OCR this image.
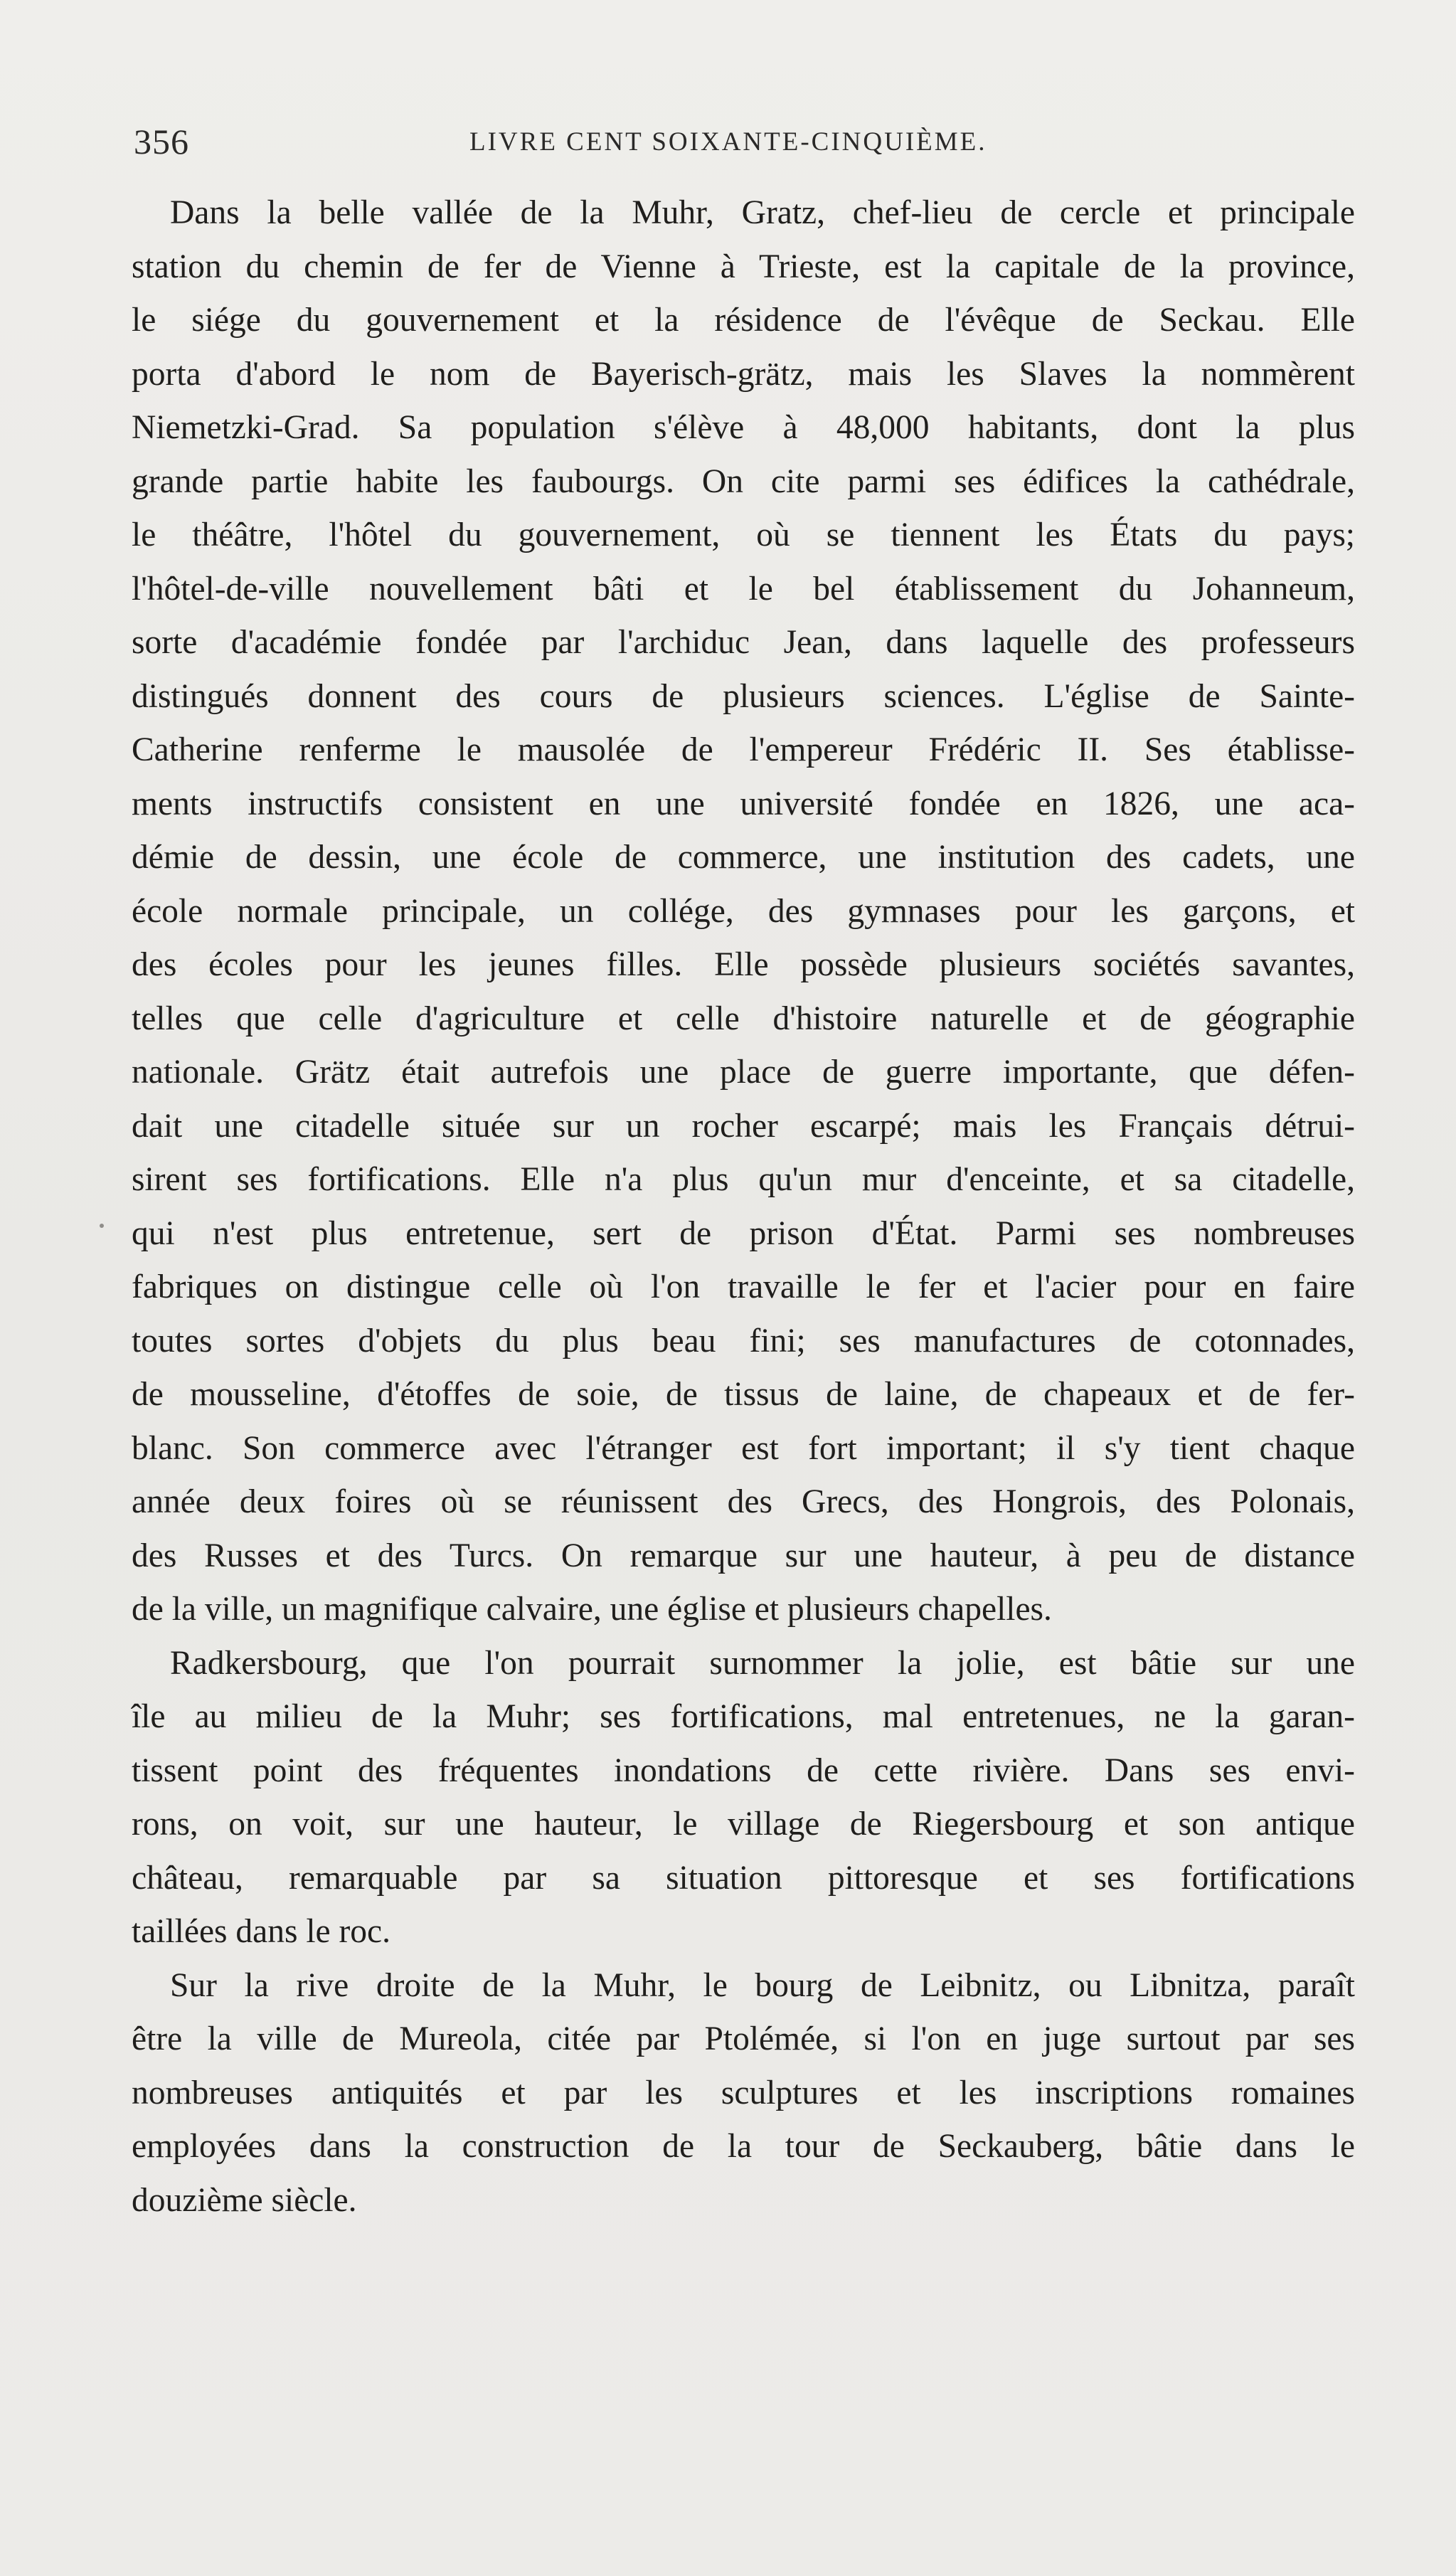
356	LIVRE CENT SOIXANTE-CINQUIÈME.

Dans la belle vallée de la Muhr, Gratz, chef-lieu de cercle et principale
station du chemin de fer de Vienne à Trieste, est la capitale de la province,
le siége du gouvernement et la résidence de l'évêque de Seckau. Elle
porta d'abord le nom de Bayerisch-grätz, mais les Slaves la nommèrent
Niemetzki-Grad. Sa population s'élève à 48,000 habitants, dont la plus
grande partie habite les faubourgs. On cite parmi ses édifices la cathédrale,
le théâtre, l'hôtel du gouvernement, où se tiennent les États du pays;
l'hôtel-de-ville nouvellement bâti et le bel établissement du Johanneum,
sorte d'académie fondée par l'archiduc Jean, dans laquelle des professeurs
distingués donnent des cours de plusieurs sciences. L'église de Sainte-
Catherine renferme le mausolée de l'empereur Frédéric II. Ses établisse-
ments instructifs consistent en une université fondée en 1826, une aca-
démie de dessin, une école de commerce, une institution des cadets, une
école normale principale, un collége, des gymnases pour les garçons, et
des écoles pour les jeunes filles. Elle possède plusieurs sociétés savantes,
telles que celle d'agriculture et celle d'histoire naturelle et de géographie
nationale. Grätz était autrefois une place de guerre importante, que défen-
dait une citadelle située sur un rocher escarpé; mais les Français détrui-
sirent ses fortifications. Elle n'a plus qu'un mur d'enceinte, et sa citadelle,
qui n'est plus entretenue, sert de prison d'État. Parmi ses nombreuses
fabriques on distingue celle où l'on travaille le fer et l'acier pour en faire
toutes sortes d'objets du plus beau fini; ses manufactures de cotonnades,
de mousseline, d'étoffes de soie, de tissus de laine, de chapeaux et de fer-
blanc. Son commerce avec l'étranger est fort important; il s'y tient chaque
année deux foires où se réunissent des Grecs, des Hongrois, des Polonais,
des Russes et des Turcs. On remarque sur une hauteur, à peu de distance
de la ville, un magnifique calvaire, une église et plusieurs chapelles.

Radkersbourg, que l'on pourrait surnommer la jolie, est bâtie sur une
île au milieu de la Muhr; ses fortifications, mal entretenues, ne la garan-
tissent point des fréquentes inondations de cette rivière. Dans ses envi-
rons, on voit, sur une hauteur, le village de Riegersbourg et son antique
château, remarquable par sa situation pittoresque et ses fortifications
taillées dans le roc.

Sur la rive droite de la Muhr, le bourg de Leibnitz, ou Libnitza, paraît
être la ville de Mureola, citée par Ptolémée, si l'on en juge surtout par ses
nombreuses antiquités et par les sculptures et les inscriptions romaines
employées dans la construction de la tour de Seckauberg, bâtie dans le
douzième siècle.
